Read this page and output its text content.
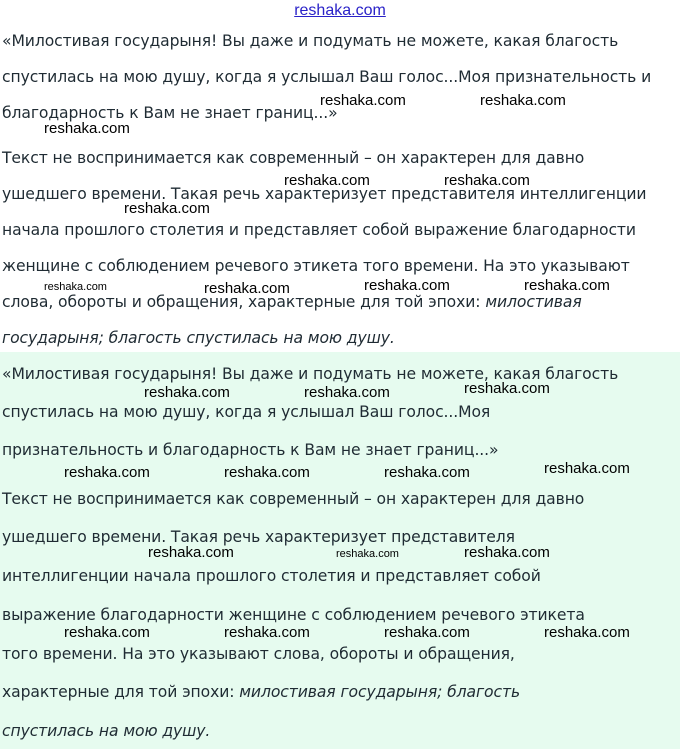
«Милостивая государыня! Вы даже и подумать не можете, какая благость
спустилась на мою душу, когда я услышал Ваш голос...Моя признательность и
благодарность к Вам не знает границ...»
Текст не воспринимается как современный – он характерен для давно
ушедшего времени. Такая речь характеризует представителя интеллигенции
начала прошлого столетия и представляет собой выражение благодарности
женщине с соблюдением речевого этикета того времени. На это указывают
слова, обороты и обращения, характерные для той эпохи: милостивая
государыня; благость спустилась на мою душу.
«Милостивая государыня! Вы даже и подумать не можете, какая благость
спустилась на мою душу, когда я услышал Ваш голос...Моя
признательность и благодарность к Вам не знает границ...»
Текст не воспринимается как современный – он характерен для давно
ушедшего времени. Такая речь характеризует представителя
интеллигенции начала прошлого столетия и представляет собой
выражение благодарности женщине с соблюдением речевого этикета
того времени. На это указывают слова, обороты и обращения,
характерные для той эпохи: милостивая государыня; благость
спустилась на мою душу.
reshaka.com
reshaka.com	reshaka.com
reshaka.com
reshaka.com	reshaka.com
reshaka.com
reshaka.com	reshaka.com	reshaka.com	reshaka.com
reshaka.com	reshaka.com	reshaka.com
reshaka.com	reshaka.com	reshaka.com	reshaka.com
reshaka.com	reshaka.com	reshaka.com
reshaka.com	reshaka.com	reshaka.com	reshaka.com
